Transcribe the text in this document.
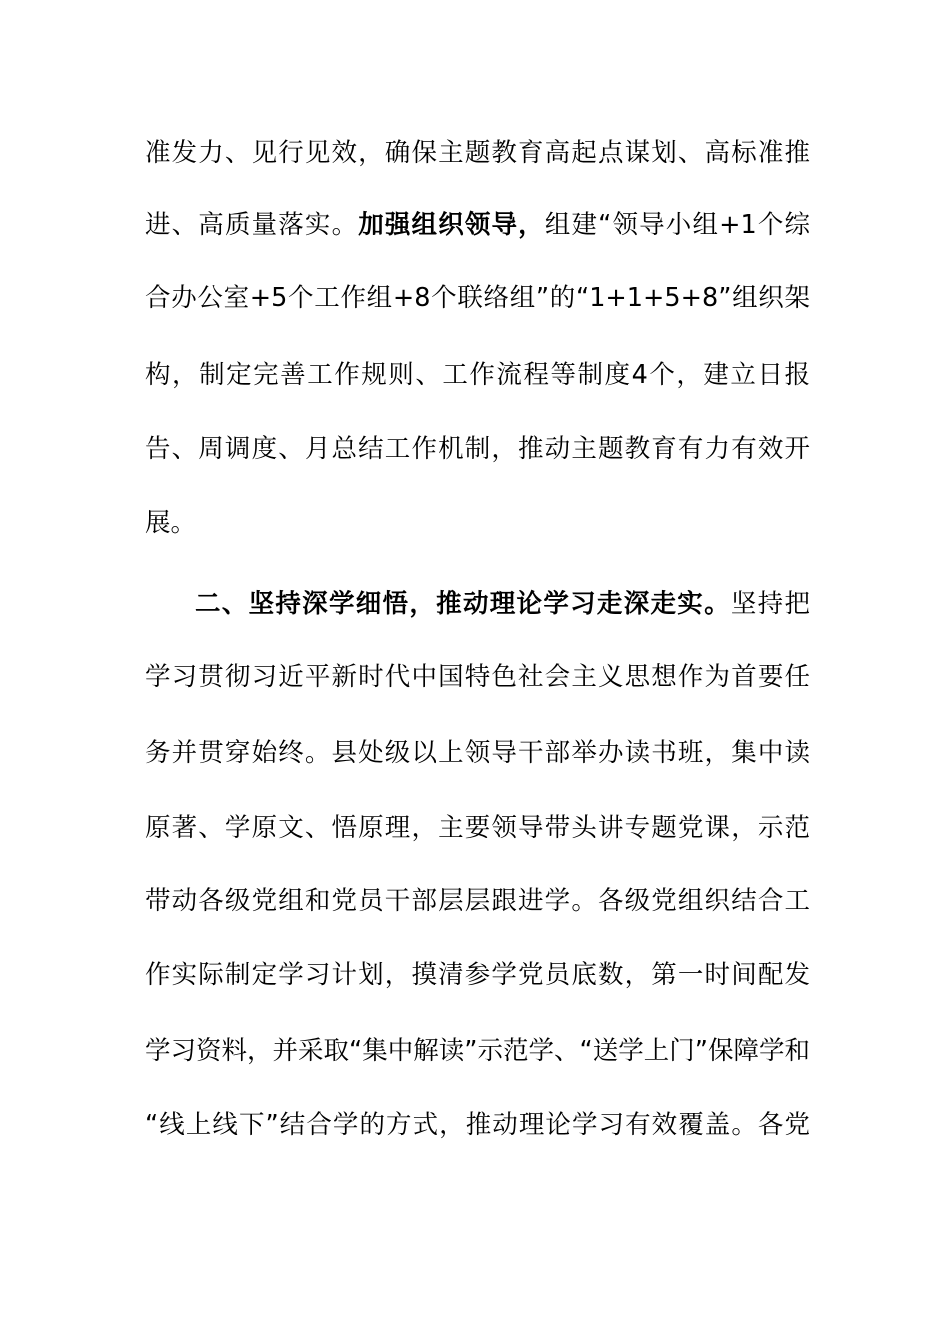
准发力、见行见效，确保主题教育高起点谋划、高标准推
进、高质量落实。加强组织领导，组建“领导小组+1个综
合办公室+5个工作组+8个联络组”的“1+1+5+8”组织架
构，制定完善工作规则、工作流程等制度4个，建立日报
告、周调度、月总结工作机制，推动主题教育有力有效开
展。
二、坚持深学细悟，推动理论学习走深走实。坚持把
学习贯彻习近平新时代中国特色社会主义思想作为首要任
务并贯穿始终。县处级以上领导干部举办读书班，集中读
原著、学原文、悟原理，主要领导带头讲专题党课，示范
带动各级党组和党员干部层层跟进学。各级党组织结合工
作实际制定学习计划，摸清参学党员底数，第一时间配发
学习资料，并采取“集中解读”示范学、“送学上门”保障学和
“线上线下”结合学的方式，推动理论学习有效覆盖。各党
